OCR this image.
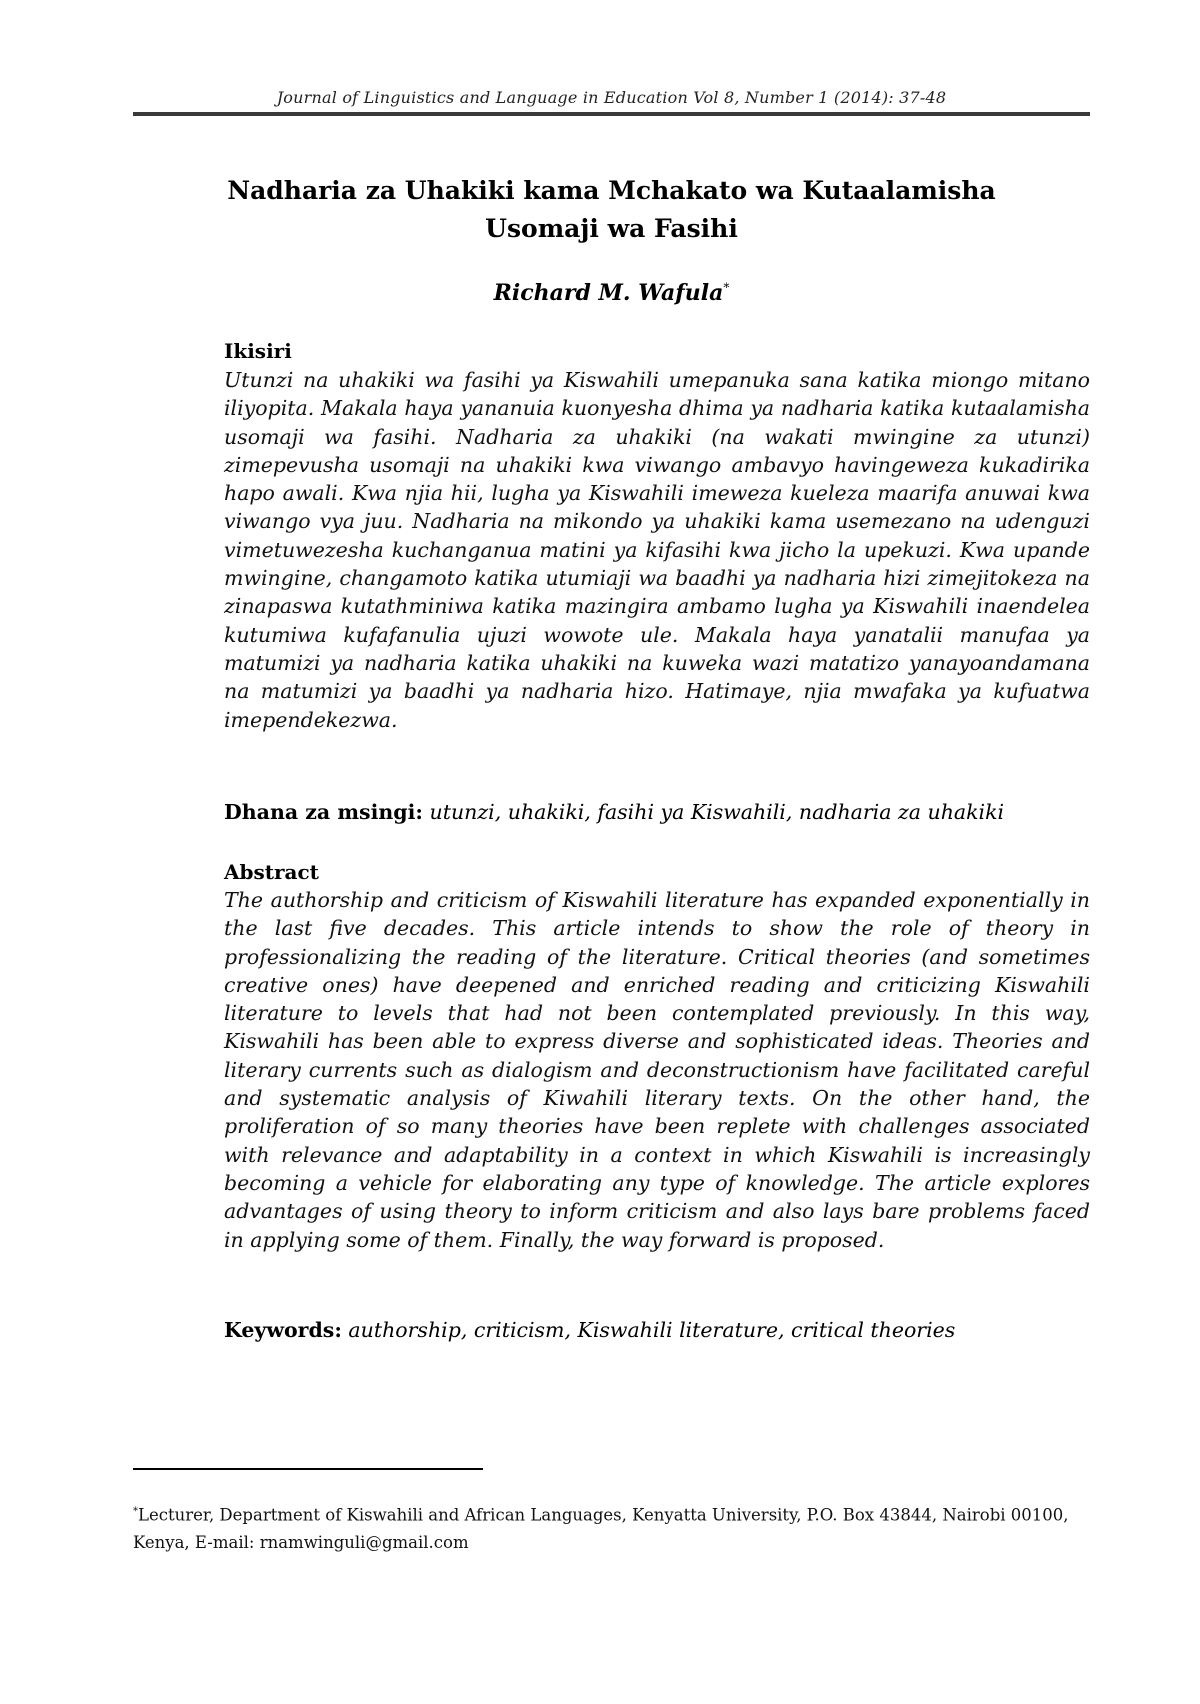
Journal of Linguistics and Language in Education Vol 8, Number 1 (2014): 37-48
Nadharia za Uhakiki kama Mchakato wa Kutaalamisha
Usomaji wa Fasihi
Richard M. Wafula*
Ikisiri

Utunzi na uhakiki wa fasihi ya Kiswahili umepanuka sana katika miongo mitano iliyopita. Makala haya yananuia kuonyesha dhima ya nadharia katika kutaalamisha usomaji wa fasihi. Nadharia za uhakiki (na wakati mwingine za utunzi) zimepevusha usomaji na uhakiki kwa viwango ambavyo havingeweza kukadirika hapo awali. Kwa njia hii, lugha ya Kiswahili imeweza kueleza maarifa anuwai kwa viwango vya juu. Nadharia na mikondo ya uhakiki kama usemezano na udenguzi vimetuwezesha kuchanganua matini ya kifasihi kwa jicho la upekuzi. Kwa upande mwingine, changamoto katika utumiaji wa baadhi ya nadharia hizi zimejitokeza na zinapaswa kutathminiwa katika mazingira ambamo lugha ya Kiswahili inaendelea kutumiwa kufafanulia ujuzi wowote ule. Makala haya yanatalii manufaa ya matumizi ya nadharia katika uhakiki na kuweka wazi matatizo yanayoandamana na matumizi ya baadhi ya nadharia hizo. Hatimaye, njia mwafaka ya kufuatwa imependekezwa.

Dhana za msingi: utunzi, uhakiki, fasihi ya Kiswahili, nadharia za uhakiki
Abstract

The authorship and criticism of Kiswahili literature has expanded exponentially in the last five decades. This article intends to show the role of theory in professionalizing the reading of the literature. Critical theories (and sometimes creative ones) have deepened and enriched reading and criticizing Kiswahili literature to levels that had not been contemplated previously. In this way, Kiswahili has been able to express diverse and sophisticated ideas. Theories and literary currents such as dialogism and deconstructionism have facilitated careful and systematic analysis of Kiwahili literary texts. On the other hand, the proliferation of so many theories have been replete with challenges associated with relevance and adaptability in a context in which Kiswahili is increasingly becoming a vehicle for elaborating any type of knowledge. The article explores advantages of using theory to inform criticism and also lays bare problems faced in applying some of them. Finally, the way forward is proposed.

Keywords: authorship, criticism, Kiswahili literature, critical theories
*Lecturer, Department of Kiswahili and African Languages, Kenyatta University, P.O. Box 43844, Nairobi 00100, Kenya, E-mail: rnamwinguli@gmail.com
